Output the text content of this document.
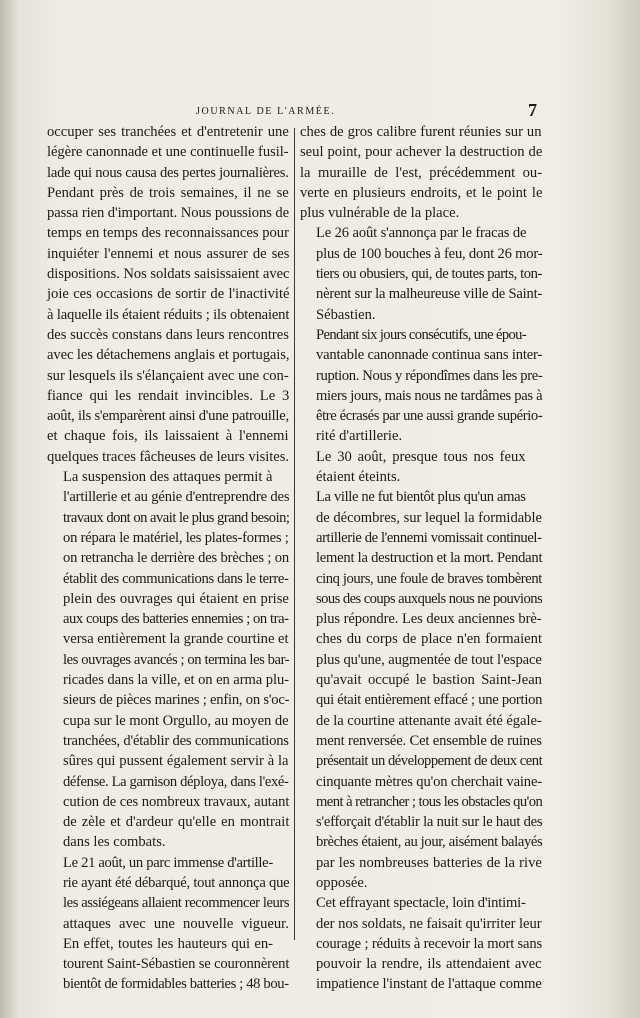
JOURNAL DE L'ARMÉE.	7

occuper ses tranchées et d'entretenir une
légère canonnade et une continuelle fusil-
lade qui nous causa des pertes journalières.
Pendant près de trois semaines, il ne se
passa rien d'important. Nous poussions de
temps en temps des reconnaissances pour
inquiéter l'ennemi et nous assurer de ses
dispositions. Nos soldats saisissaient avec
joie ces occasions de sortir de l'inactivité
à laquelle ils étaient réduits ; ils obtenaient
des succès constans dans leurs rencontres
avec les détachemens anglais et portugais,
sur lesquels ils s'élançaient avec une con-
fiance qui les rendait invincibles. Le 3
août, ils s'emparèrent ainsi d'une patrouille,
et chaque fois, ils laissaient à l'ennemi
quelques traces fâcheuses de leurs visites.

La suspension des attaques permit à
l'artillerie et au génie d'entreprendre des
travaux dont on avait le plus grand besoin;
on répara le matériel, les plates-formes ;
on retrancha le derrière des brèches ; on
établit des communications dans le terre-
plein des ouvrages qui étaient en prise
aux coups des batteries ennemies ; on tra-
versa entièrement la grande courtine et
les ouvrages avancés ; on termina les bar-
ricades dans la ville, et on en arma plu-
sieurs de pièces marines ; enfin, on s'oc-
cupa sur le mont Orgullo, au moyen de
tranchées, d'établir des communications
sûres qui pussent également servir à la
défense. La garnison déploya, dans l'exé-
cution de ces nombreux travaux, autant
de zèle et d'ardeur qu'elle en montrait
dans les combats.

Le 21 août, un parc immense d'artille-
rie ayant été débarqué, tout annonça que
les assiégeans allaient recommencer leurs
attaques avec une nouvelle vigueur.

En effet, toutes les hauteurs qui en-
tourent Saint-Sébastien se couronnèrent
bientôt de formidables batteries ; 48 bou-

ches de gros calibre furent réunies sur un
seul point, pour achever la destruction de
la muraille de l'est, précédemment ou-
verte en plusieurs endroits, et le point le
plus vulnérable de la place.

Le 26 août s'annonça par le fracas de
plus de 100 bouches à feu, dont 26 mor-
tiers ou obusiers, qui, de toutes parts, ton-
nèrent sur la malheureuse ville de Saint-
Sébastien.

Pendant six jours consécutifs, une épou-
vantable canonnade continua sans inter-
ruption. Nous y répondîmes dans les pre-
miers jours, mais nous ne tardâmes pas à
être écrasés par une aussi grande supério-
rité d'artillerie.

Le 30 août, presque tous nos feux
étaient éteints.

La ville ne fut bientôt plus qu'un amas
de décombres, sur lequel la formidable
artillerie de l'ennemi vomissait continuel-
lement la destruction et la mort. Pendant
cinq jours, une foule de braves tombèrent
sous des coups auxquels nous ne pouvions
plus répondre. Les deux anciennes brè-
ches du corps de place n'en formaient
plus qu'une, augmentée de tout l'espace
qu'avait occupé le bastion Saint-Jean
qui était entièrement effacé ; une portion
de la courtine attenante avait été égale-
ment renversée. Cet ensemble de ruines
présentait un développement de deux cent
cinquante mètres qu'on cherchait vaine-
ment à retrancher ; tous les obstacles qu'on
s'efforçait d'établir la nuit sur le haut des
brèches étaient, au jour, aisément balayés
par les nombreuses batteries de la rive
opposée.

Cet effrayant spectacle, loin d'intimi-
der nos soldats, ne faisait qu'irriter leur
courage ; réduits à recevoir la mort sans
pouvoir la rendre, ils attendaient avec
impatience l'instant de l'attaque comme
